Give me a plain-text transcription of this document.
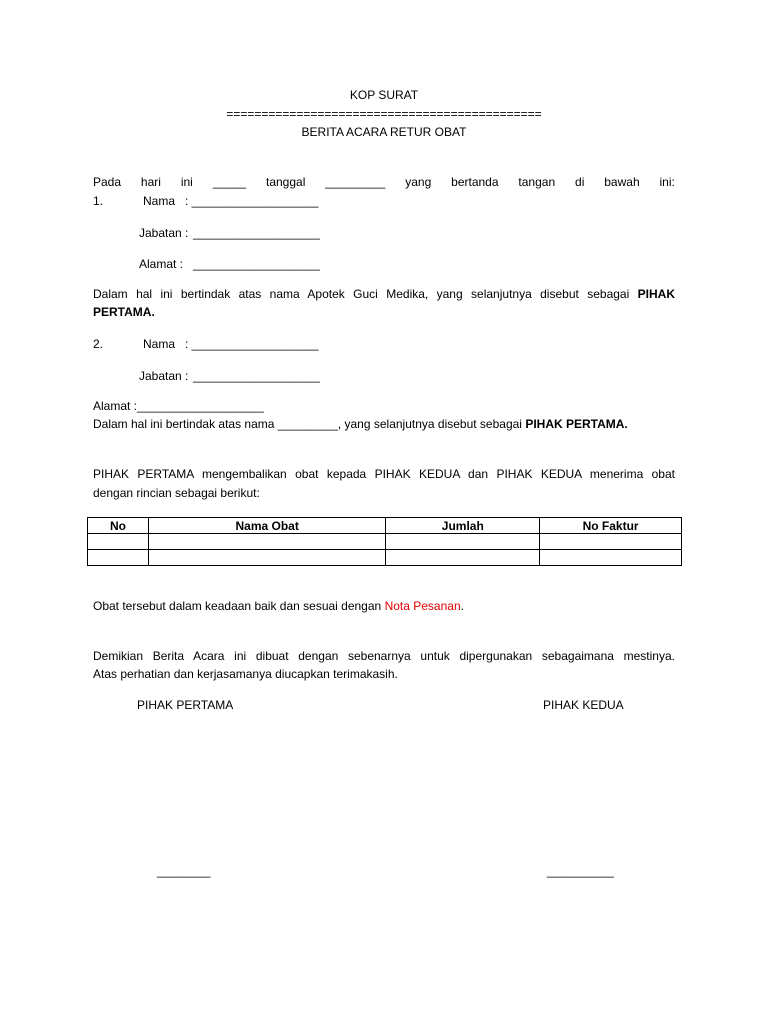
KOP SURAT
=============================================
BERITA ACARA RETUR OBAT
Pada hari ini _____ tanggal _________ yang bertanda tangan di bawah ini:
1.	Nama : ___________________
Jabatan : ___________________
Alamat : ___________________
Dalam hal ini bertindak atas nama Apotek Guci Medika, yang selanjutnya disebut sebagai PIHAK
PERTAMA.
2.	Nama : ___________________
Jabatan : ___________________
Alamat :___________________
Dalam hal ini bertindak atas nama _________, yang selanjutnya disebut sebagai PIHAK PERTAMA.
PIHAK PERTAMA mengembalikan obat kepada PIHAK KEDUA dan PIHAK KEDUA menerima obat
dengan rincian sebagai berikut:
No	Nama Obat	Jumlah	No Faktur

Obat tersebut dalam keadaan baik dan sesuai dengan Nota Pesanan.
Demikian Berita Acara ini dibuat dengan sebenarnya untuk dipergunakan sebagaimana mestinya.
Atas perhatian dan kerjasamanya diucapkan terimakasih.
PIHAK PERTAMA	PIHAK KEDUA
________	__________
